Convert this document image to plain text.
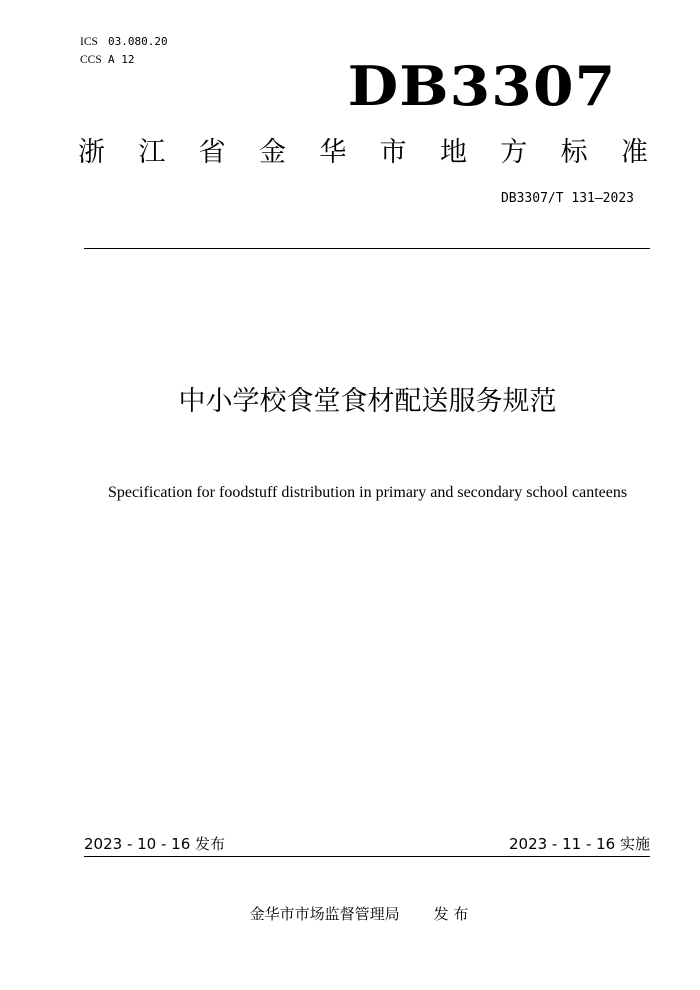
ICS 03.080.20
CCS A 12	DB3307
浙 江 省 金 华 市 地 方 标 准
DB3307/T 131—2023
中小学校食堂食材配送服务规范
Specification for foodstuff distribution in primary and secondary school canteens
2023 - 10 - 16 发布	2023 - 11 - 16 实施
金华市市场监督管理局 发 布
